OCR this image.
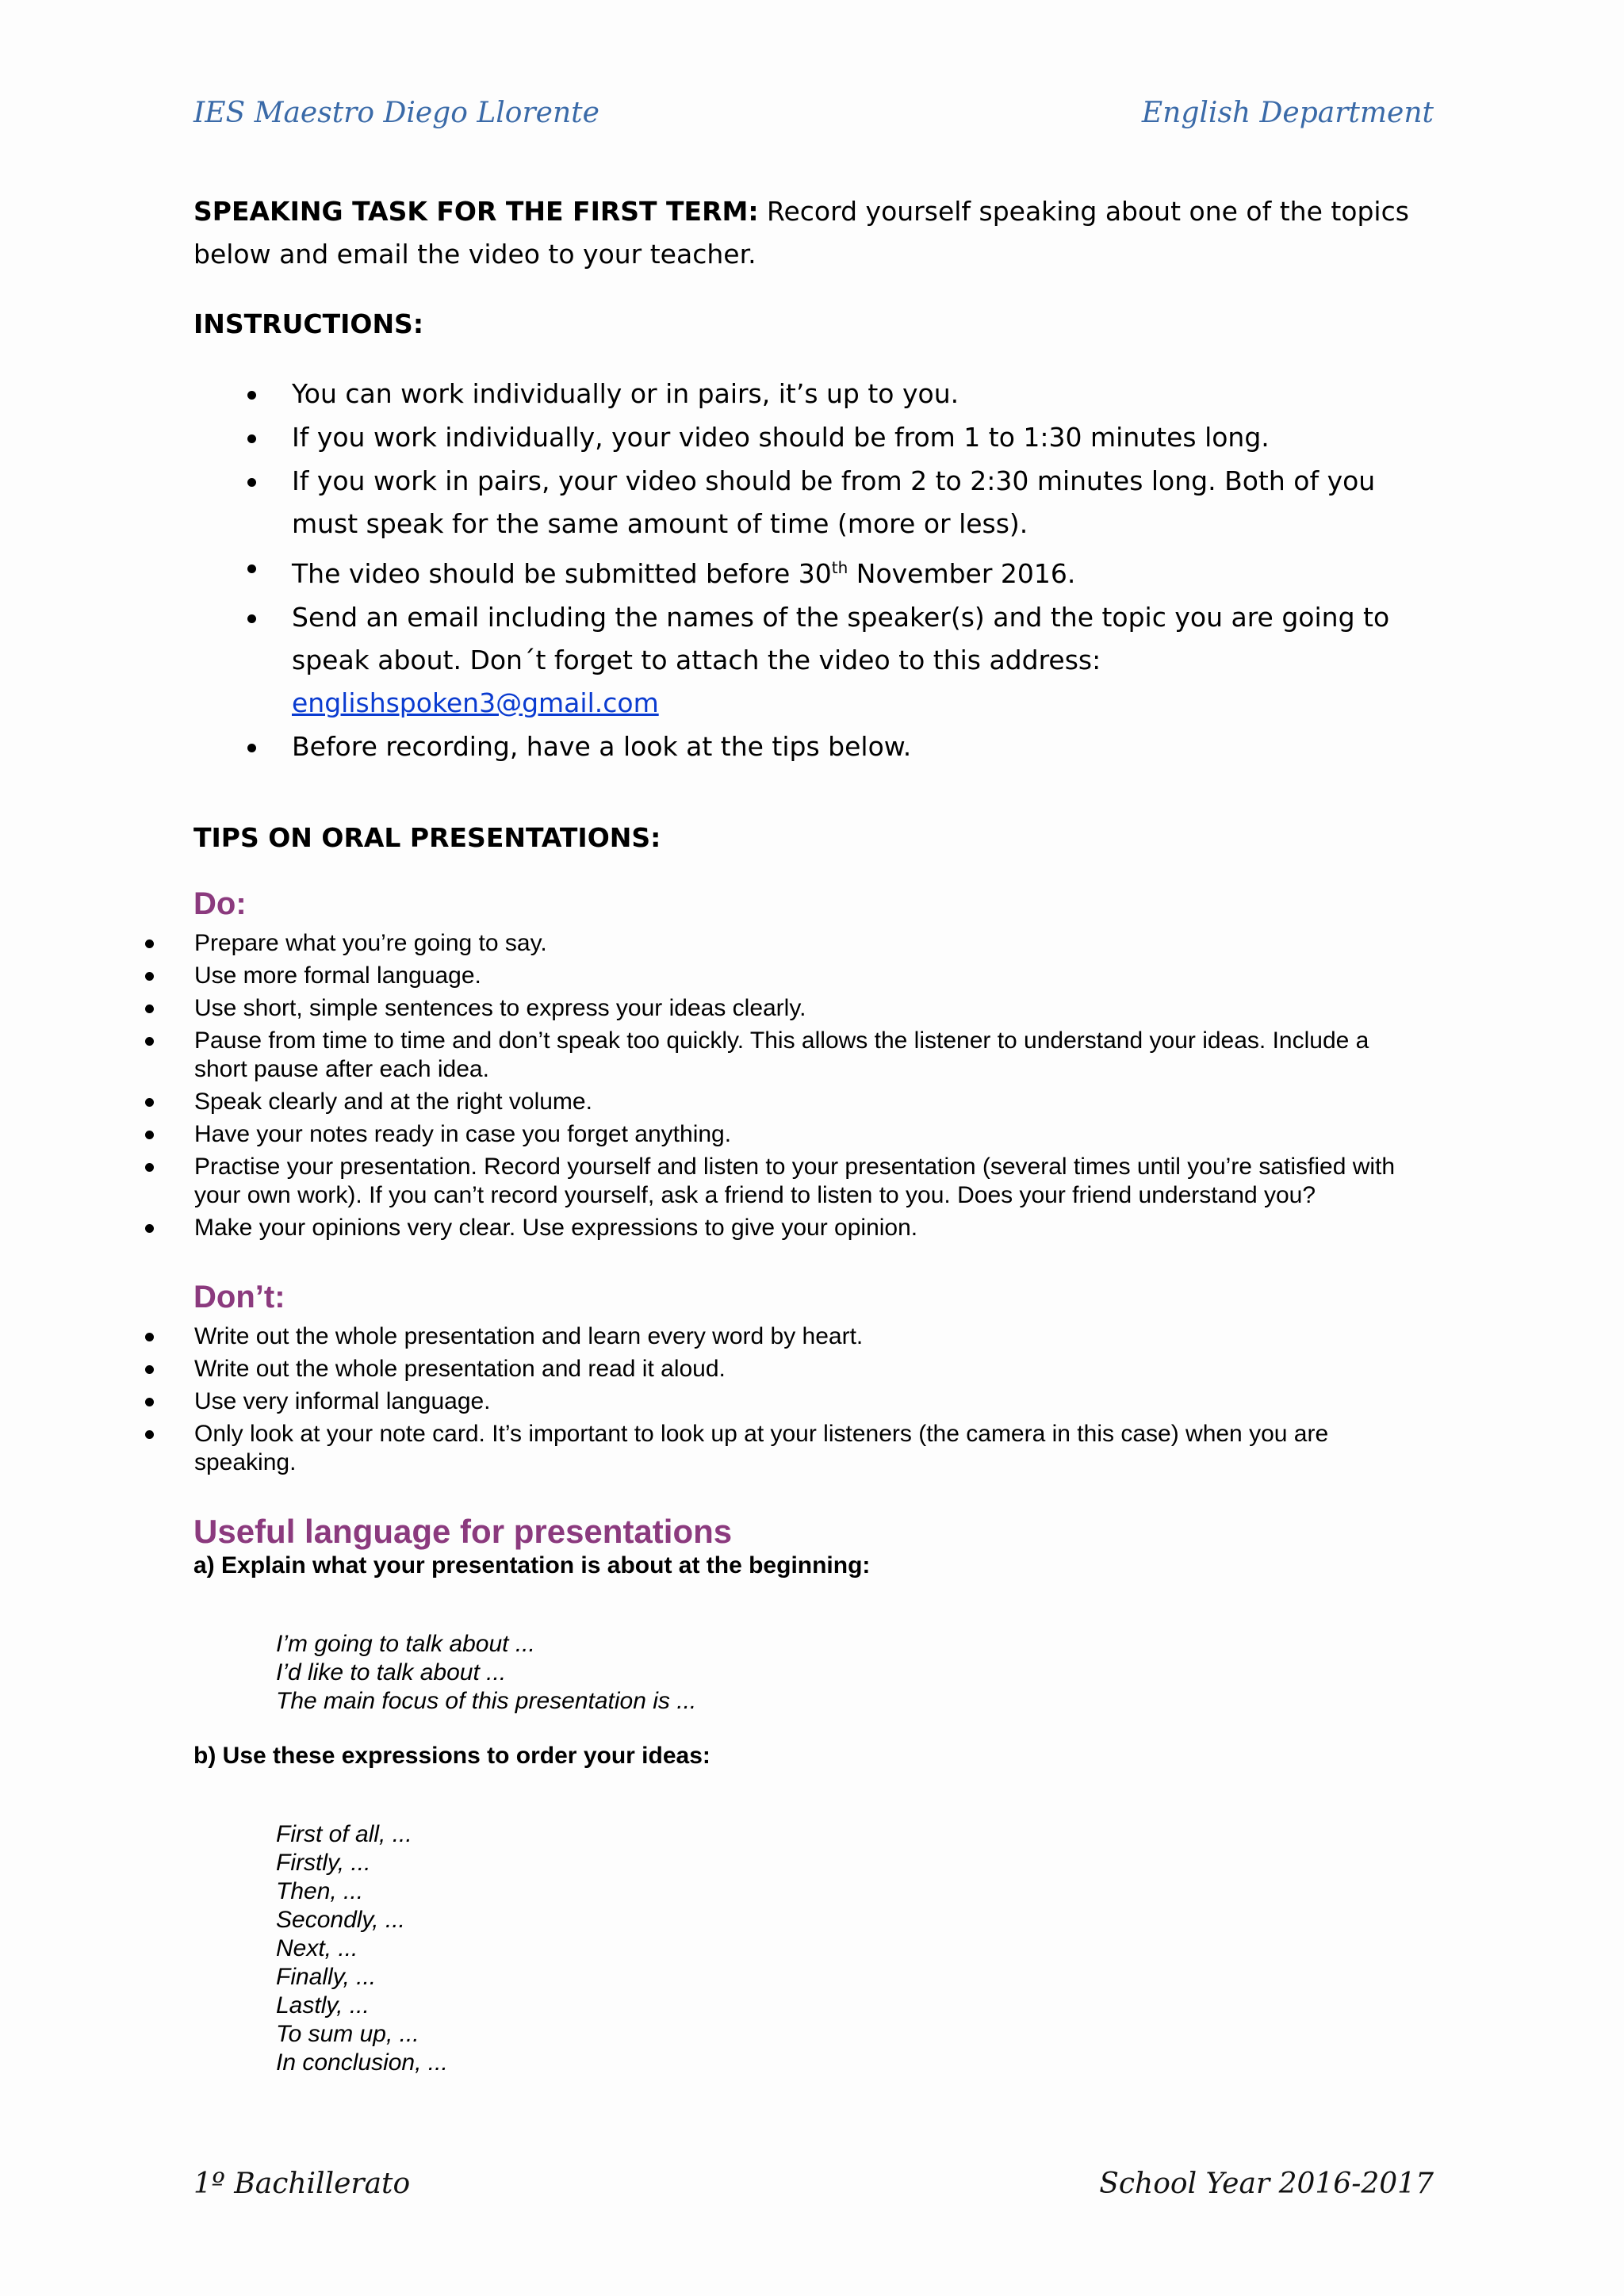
IES Maestro Diego Llorente	English Department
SPEAKING TASK FOR THE FIRST TERM: Record yourself speaking about one of the topics below and email the video to your teacher.
INSTRUCTIONS:
You can work individually or in pairs, it’s up to you.
If you work individually, your video should be from 1 to 1:30 minutes long.
If you work in pairs, your video should be from 2 to 2:30 minutes long. Both of you must speak for the same amount of time (more or less).
The video should be submitted before 30th November 2016.
Send an email including the names of the speaker(s) and the topic you are going to speak about. Don´t forget to attach the video to this address: englishspoken3@gmail.com
Before recording, have a look at the tips below.
TIPS ON ORAL PRESENTATIONS:
Do:
Prepare what you’re going to say.
Use more formal language.
Use short, simple sentences to express your ideas clearly.
Pause from time to time and don’t speak too quickly. This allows the listener to understand your ideas. Include a short pause after each idea.
Speak clearly and at the right volume.
Have your notes ready in case you forget anything.
Practise your presentation. Record yourself and listen to your presentation (several times until you’re satisfied with your own work). If you can’t record yourself, ask a friend to listen to you. Does your friend understand you?
Make your opinions very clear. Use expressions to give your opinion.
Don’t:
Write out the whole presentation and learn every word by heart.
Write out the whole presentation and read it aloud.
Use very informal language.
Only look at your note card. It’s important to look up at your listeners (the camera in this case) when you are speaking.
Useful language for presentations
a) Explain what your presentation is about at the beginning:
I’m going to talk about ...
I’d like to talk about ...
The main focus of this presentation is ...
b) Use these expressions to order your ideas:
First of all, ...
Firstly, ...
Then, ...
Secondly, ...
Next, ...
Finally, ...
Lastly, ...
To sum up, ...
In conclusion, ...
1º Bachillerato	School Year 2016-2017
